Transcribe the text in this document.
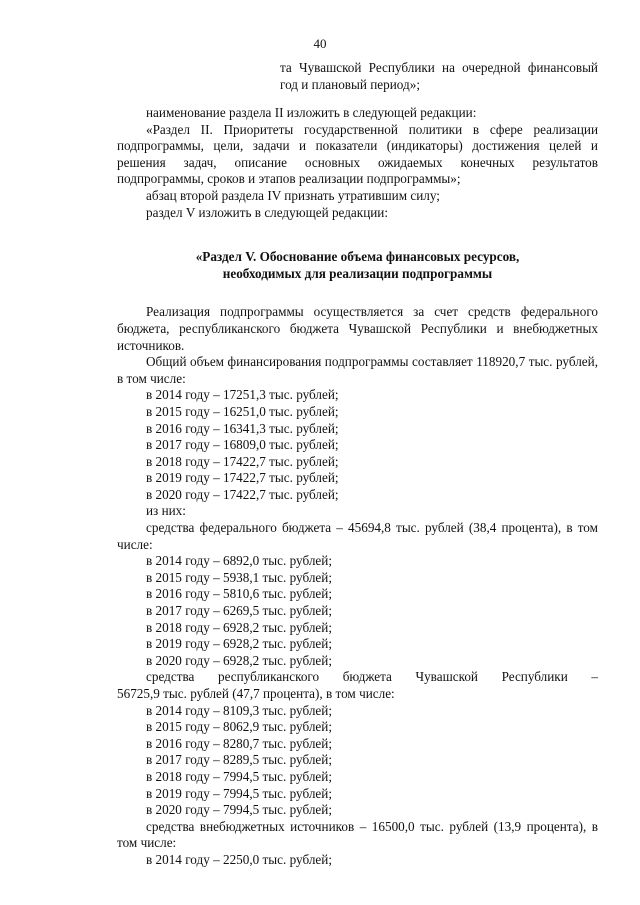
40
та Чувашской Республики на очередной финансовый год и плановый период»;

наименование раздела II изложить в следующей редакции:

«Раздел II. Приоритеты государственной политики в сфере реализации подпрограммы, цели, задачи и показатели (индикаторы) достижения целей и решения задач, описание основных ожидаемых конечных результатов подпрограммы, сроков и этапов реализации подпрограммы»;

абзац второй раздела IV признать утратившим силу;

раздел V изложить в следующей редакции:

«Раздел V. Обоснование объема финансовых ресурсов,

необходимых для реализации подпрограммы

Реализация подпрограммы осуществляется за счет средств федерального бюджета, республиканского бюджета Чувашской Республики и внебюджетных источников.

Общий объем финансирования подпрограммы составляет 118920,7 тыс. рублей, в том числе:

в 2014 году – 17251,3 тыс. рублей;

в 2015 году – 16251,0 тыс. рублей;

в 2016 году – 16341,3 тыс. рублей;

в 2017 году – 16809,0 тыс. рублей;

в 2018 году – 17422,7 тыс. рублей;

в 2019 году – 17422,7 тыс. рублей;

в 2020 году – 17422,7 тыс. рублей;

из них:

средства федерального бюджета – 45694,8 тыс. рублей (38,4 процента), в том числе:

в 2014 году – 6892,0 тыс. рублей;

в 2015 году – 5938,1 тыс. рублей;

в 2016 году – 5810,6 тыс. рублей;

в 2017 году – 6269,5 тыс. рублей;

в 2018 году – 6928,2 тыс. рублей;

в 2019 году – 6928,2 тыс. рублей;

в 2020 году – 6928,2 тыс. рублей;

средства республиканского бюджета Чувашской Республики –

56725,9 тыс. рублей (47,7 процента), в том числе:

в 2014 году – 8109,3 тыс. рублей;

в 2015 году – 8062,9 тыс. рублей;

в 2016 году – 8280,7 тыс. рублей;

в 2017 году – 8289,5 тыс. рублей;

в 2018 году – 7994,5 тыс. рублей;

в 2019 году – 7994,5 тыс. рублей;

в 2020 году – 7994,5 тыс. рублей;

средства внебюджетных источников – 16500,0 тыс. рублей (13,9 процента), в том числе:

в 2014 году – 2250,0 тыс. рублей;
